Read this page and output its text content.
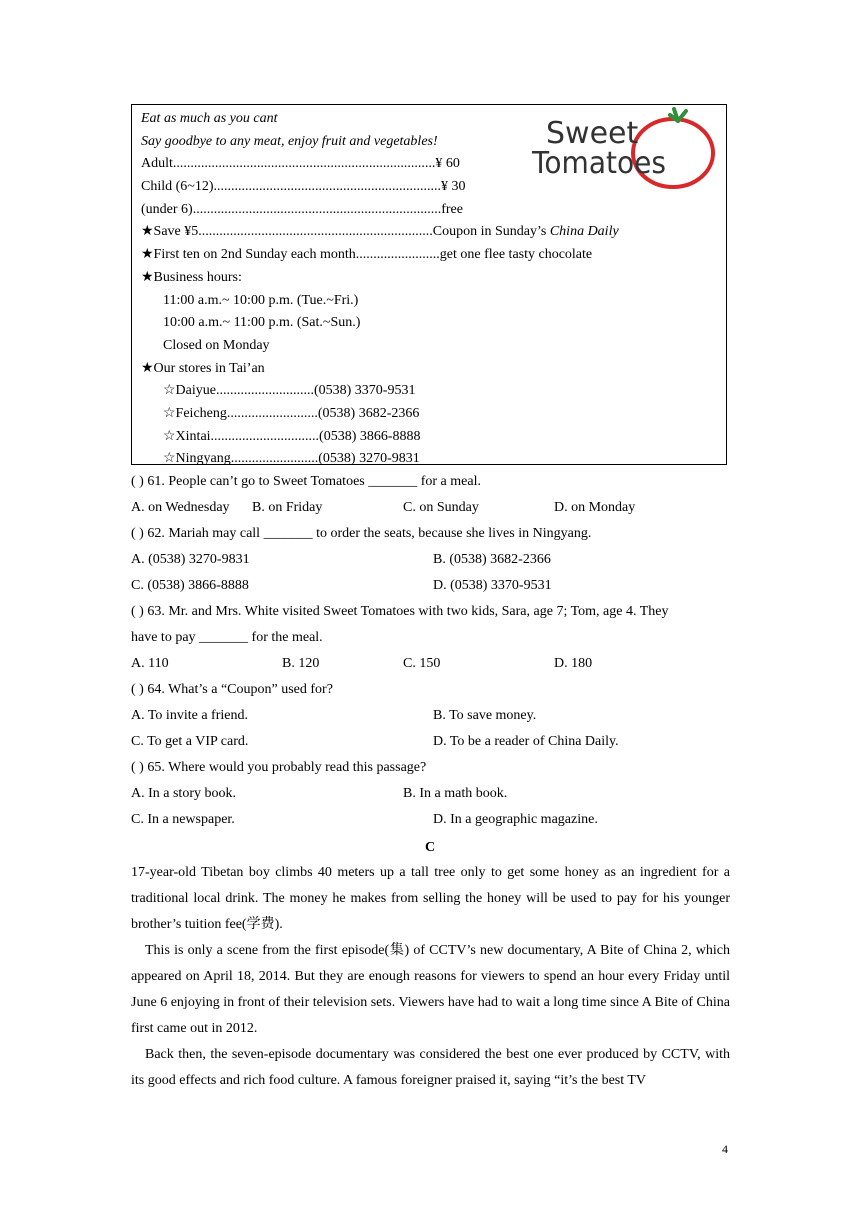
Eat as much as you cant
Say goodbye to any meat, enjoy fruit and vegetables!
Adult...........................................................................¥ 60
Child (6~12).................................................................¥ 30
(under 6).......................................................................free
★Save ¥5...................................................................Coupon in Sunday’s China Daily
★First ten on 2nd Sunday each month........................get one flee tasty chocolate
★Business hours:
11:00 a.m.~ 10:00 p.m. (Tue.~Fri.)
10:00 a.m.~ 11:00 p.m. (Sat.~Sun.)
Closed on Monday
★Our stores in Tai’an
☆Daiyue............................(0538) 3370-9531
☆Feicheng..........................(0538) 3682-2366
☆Xintai...............................(0538) 3866-8888
☆Ningyang.........................(0538) 3270-9831
Sweet
Tomatoes
( ) 61. People can’t go to Sweet Tomatoes _______ for a meal.
A. on Wednesday B. on Friday	C. on Sunday	D. on Monday
( ) 62. Mariah may call _______ to order the seats, because she lives in Ningyang.
A. (0538) 3270-9831	B. (0538) 3682-2366
C. (0538) 3866-8888	D. (0538) 3370-9531
( ) 63. Mr. and Mrs. White visited Sweet Tomatoes with two kids, Sara, age 7; Tom, age 4. They
have to pay _______ for the meal.
A. 110	B. 120	C. 150	D. 180
( ) 64. What’s a “Coupon” used for?
A. To invite a friend.	B. To save money.
C. To get a VIP card.	D. To be a reader of China Daily.
( ) 65. Where would you probably read this passage?
A. In a story book.	B. In a math book.
C. In a newspaper.	D. In a geographic magazine.
C
17-year-old Tibetan boy climbs 40 meters up a tall tree only to get some honey as an ingredient for a traditional local drink. The money he makes from selling the honey will be used to pay for his younger brother’s tuition fee(学费).
This is only a scene from the first episode(集) of CCTV’s new documentary, A Bite of China 2, which appeared on April 18, 2014. But they are enough reasons for viewers to spend an hour every Friday until June 6 enjoying in front of their television sets. Viewers have had to wait a long time since A Bite of China first came out in 2012.
Back then, the seven-episode documentary was considered the best one ever produced by CCTV, with its good effects and rich food culture. A famous foreigner praised it, saying “it’s the best TV
4
